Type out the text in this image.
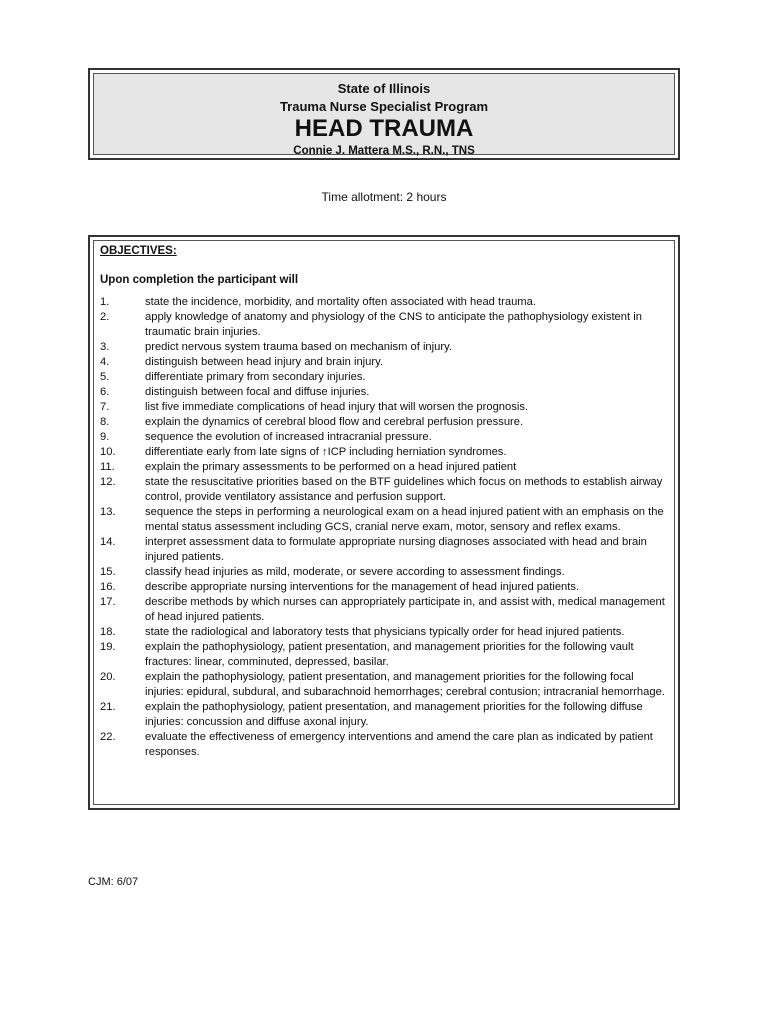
State of Illinois
Trauma Nurse Specialist Program
HEAD TRAUMA
Connie J. Mattera M.S., R.N., TNS
Time allotment: 2 hours
OBJECTIVES:
Upon completion the participant will
1.	state the incidence, morbidity, and mortality often associated with head trauma.
2.	apply knowledge of anatomy and physiology of the CNS to anticipate the pathophysiology existent in traumatic brain injuries.
3.	predict nervous system trauma based on mechanism of injury.
4.	distinguish between head injury and brain injury.
5.	differentiate primary from secondary injuries.
6.	distinguish between focal and diffuse injuries.
7.	list five immediate complications of head injury that will worsen the prognosis.
8.	explain the dynamics of cerebral blood flow and cerebral perfusion pressure.
9.	sequence the evolution of increased intracranial pressure.
10.	differentiate early from late signs of ↑ICP including herniation syndromes.
11.	explain the primary assessments to be performed on a head injured patient
12.	state the resuscitative priorities based on the BTF guidelines which focus on methods to establish airway control, provide ventilatory assistance and perfusion support.
13.	sequence the steps in performing a neurological exam on a head injured patient with an emphasis on the mental status assessment including GCS, cranial nerve exam, motor, sensory and reflex exams.
14.	interpret assessment data to formulate appropriate nursing diagnoses associated with head and brain injured patients.
15.	classify head injuries as mild, moderate, or severe according to assessment findings.
16.	describe appropriate nursing interventions for the management of head injured patients.
17.	describe methods by which nurses can appropriately participate in, and assist with, medical management of head injured patients.
18.	state the radiological and laboratory tests that physicians typically order for head injured patients.
19.	explain the pathophysiology, patient presentation, and management priorities for the following vault fractures: linear, comminuted, depressed, basilar.
20.	explain the pathophysiology, patient presentation, and management priorities for the following focal injuries: epidural, subdural, and subarachnoid hemorrhages; cerebral contusion; intracranial hemorrhage.
21.	explain the pathophysiology, patient presentation, and management priorities for the following diffuse injuries: concussion and diffuse axonal injury.
22.	evaluate the effectiveness of emergency interventions and amend the care plan as indicated by patient responses.
CJM: 6/07
